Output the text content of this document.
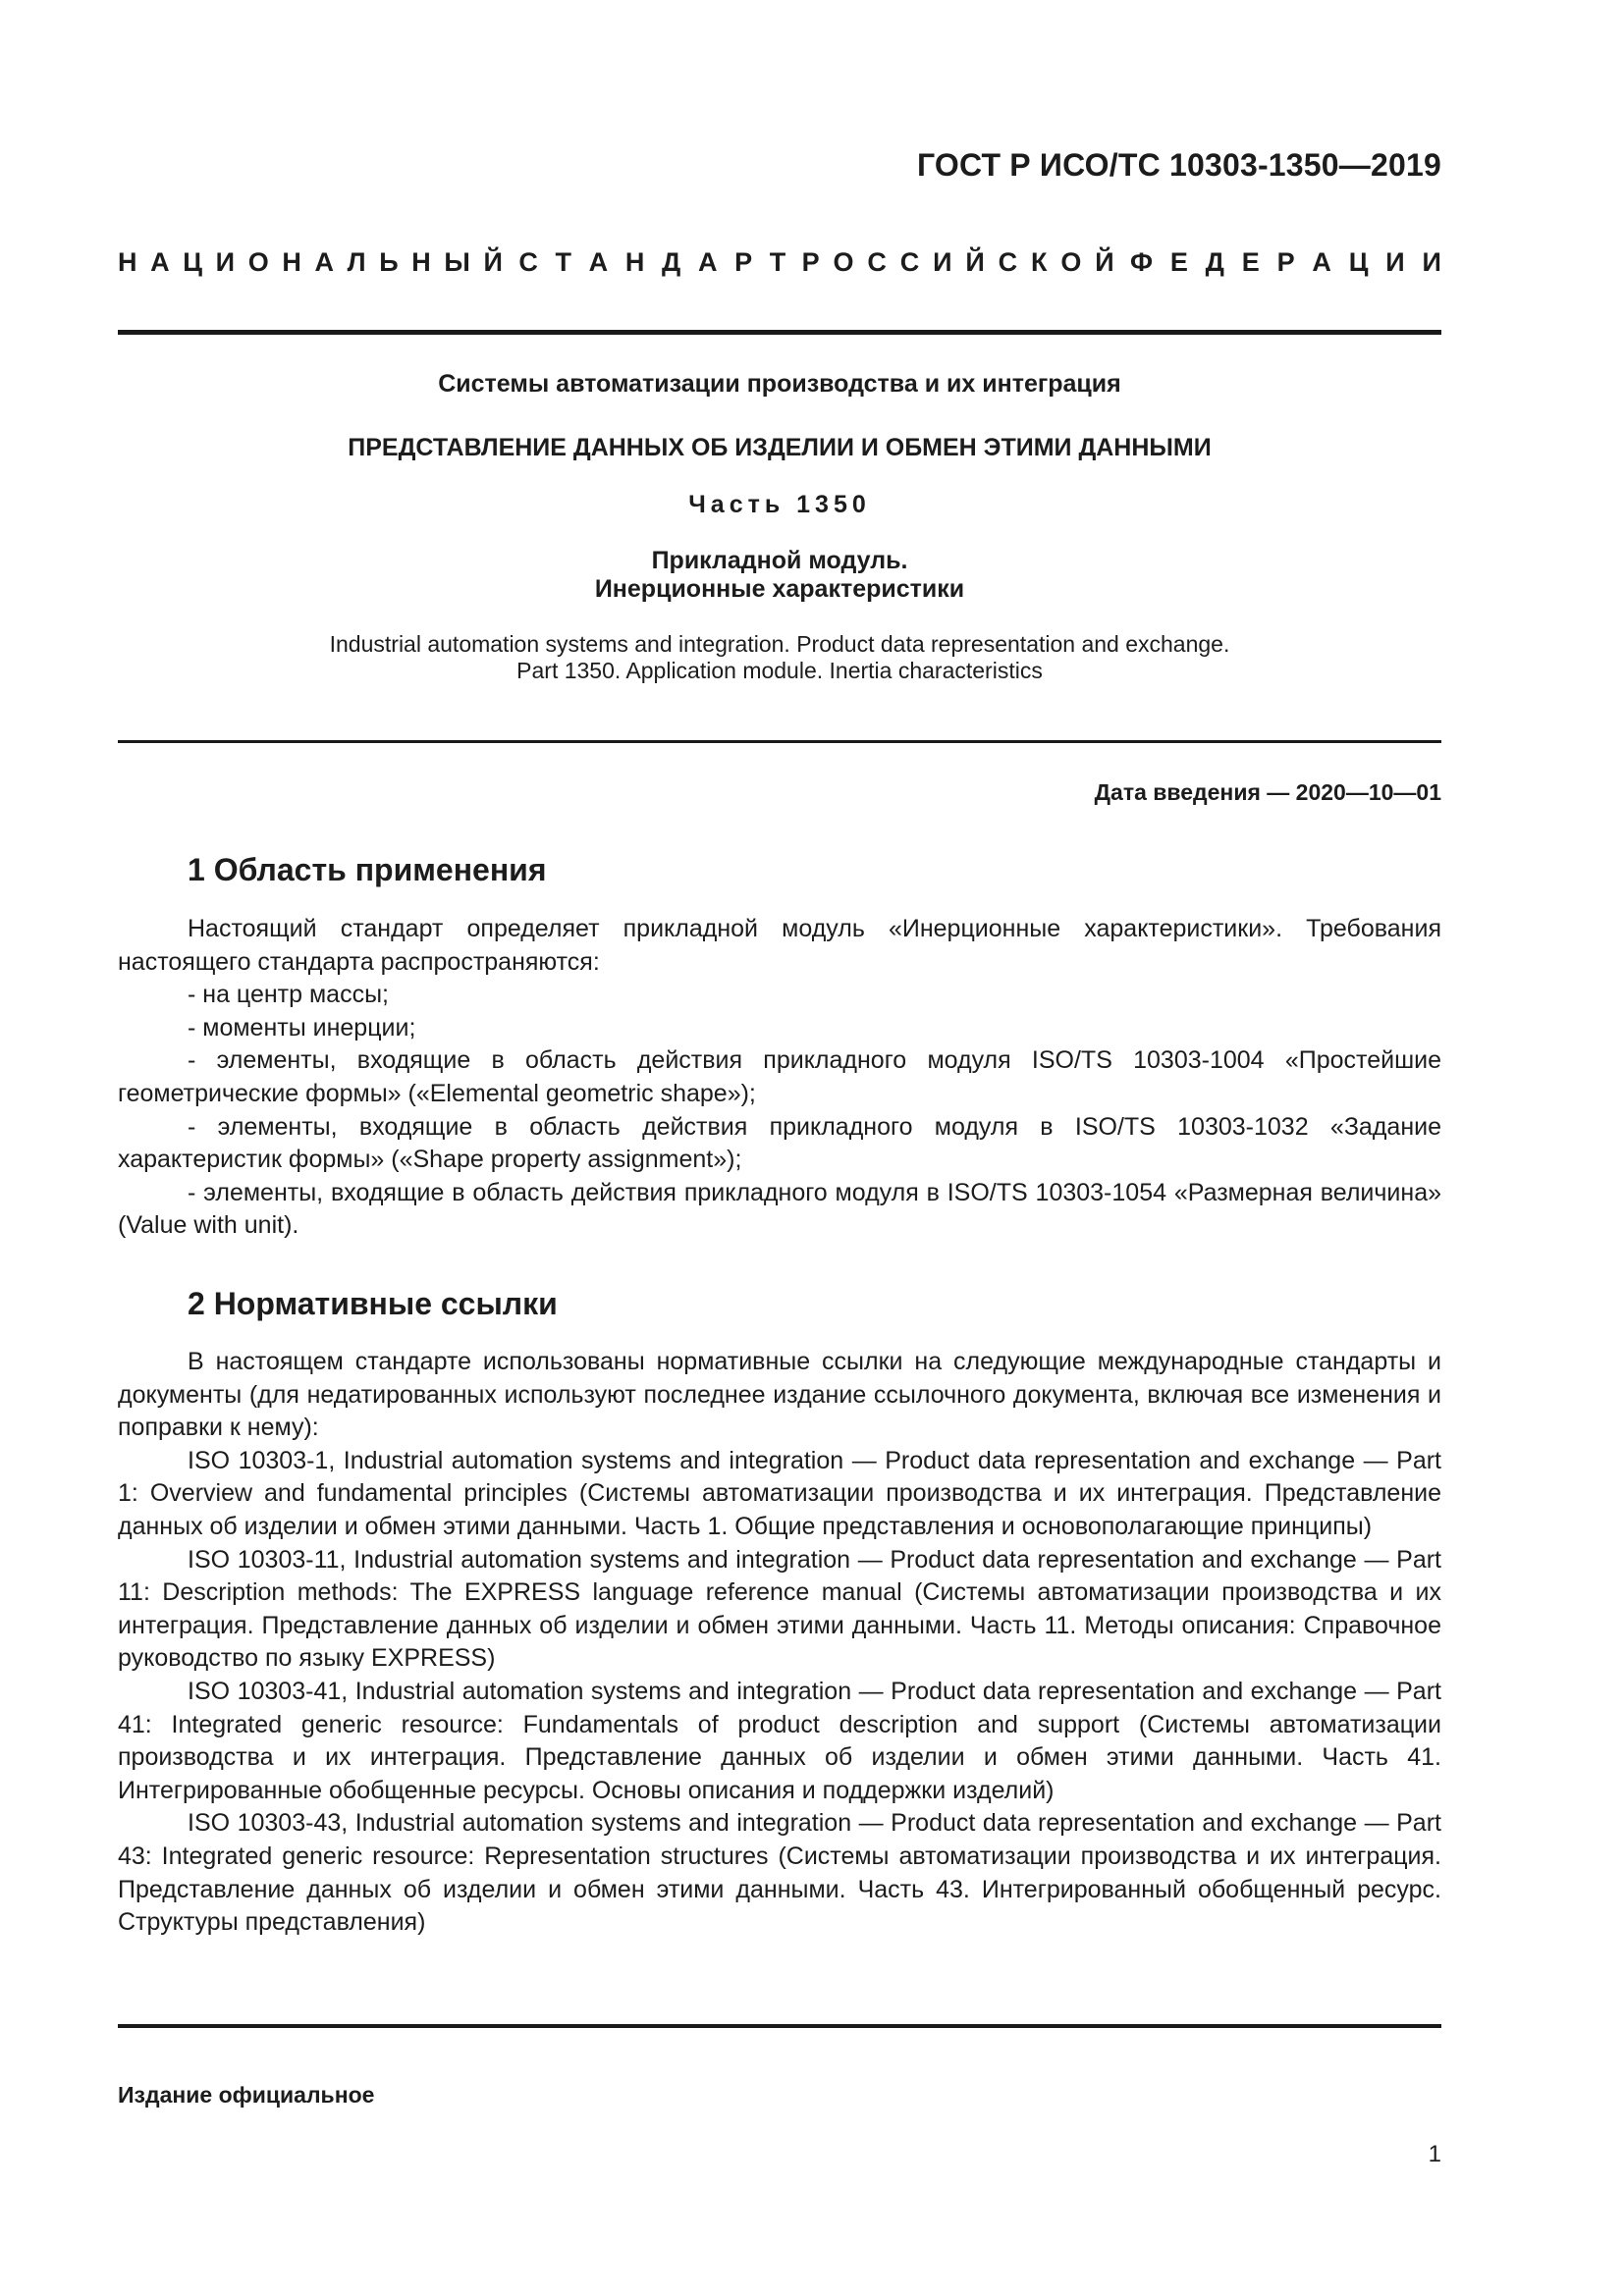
ГОСТ Р ИСО/ТС 10303-1350—2019
Н А Ц И О Н А Л Ь Н Ы Й С Т А Н Д А Р Т Р О С С И Й С К О Й Ф Е Д Е Р А Ц И И
Системы автоматизации производства и их интеграция
ПРЕДСТАВЛЕНИЕ ДАННЫХ ОБ ИЗДЕЛИИ И ОБМЕН ЭТИМИ ДАННЫМИ
Часть 1350
Прикладной модуль.
Инерционные характеристики
Industrial automation systems and integration. Product data representation and exchange.
Part 1350. Application module. Inertia characteristics
Дата введения — 2020—10—01
1 Область применения

Настоящий стандарт определяет прикладной модуль «Инерционные характеристики». Требования настоящего стандарта распространяются:

- на центр массы;

- моменты инерции;

- элементы, входящие в область действия прикладного модуля ISO/TS 10303-1004 «Простейшие геометрические формы» («Elemental geometric shape»);

- элементы, входящие в область действия прикладного модуля в ISO/TS 10303-1032 «Задание характеристик формы» («Shape property assignment»);

- элементы, входящие в область действия прикладного модуля в ISO/TS 10303-1054 «Размерная величина» (Value with unit).

2 Нормативные ссылки

В настоящем стандарте использованы нормативные ссылки на следующие международные стандарты и документы (для недатированных используют последнее издание ссылочного документа, включая все изменения и поправки к нему):

ISO 10303-1, Industrial automation systems and integration — Product data representation and exchange — Part 1: Overview and fundamental principles (Системы автоматизации производства и их интеграция. Представление данных об изделии и обмен этими данными. Часть 1. Общие представления и основополагающие принципы)

ISO 10303-11, Industrial automation systems and integration — Product data representation and exchange — Part 11: Description methods: The EXPRESS language reference manual (Системы автоматизации производства и их интеграция. Представление данных об изделии и обмен этими данными. Часть 11. Методы описания: Справочное руководство по языку EXPRESS)

ISO 10303-41, Industrial automation systems and integration — Product data representation and exchange — Part 41: Integrated generic resource: Fundamentals of product description and support (Системы автоматизации производства и их интеграция. Представление данных об изделии и обмен этими данными. Часть 41. Интегрированные обобщенные ресурсы. Основы описания и поддержки изделий)

ISO 10303-43, Industrial automation systems and integration — Product data representation and exchange — Part 43: Integrated generic resource: Representation structures (Системы автоматизации производства и их интеграция. Представление данных об изделии и обмен этими данными. Часть 43. Интегрированный обобщенный ресурс. Структуры представления)

Издание официальное
1
